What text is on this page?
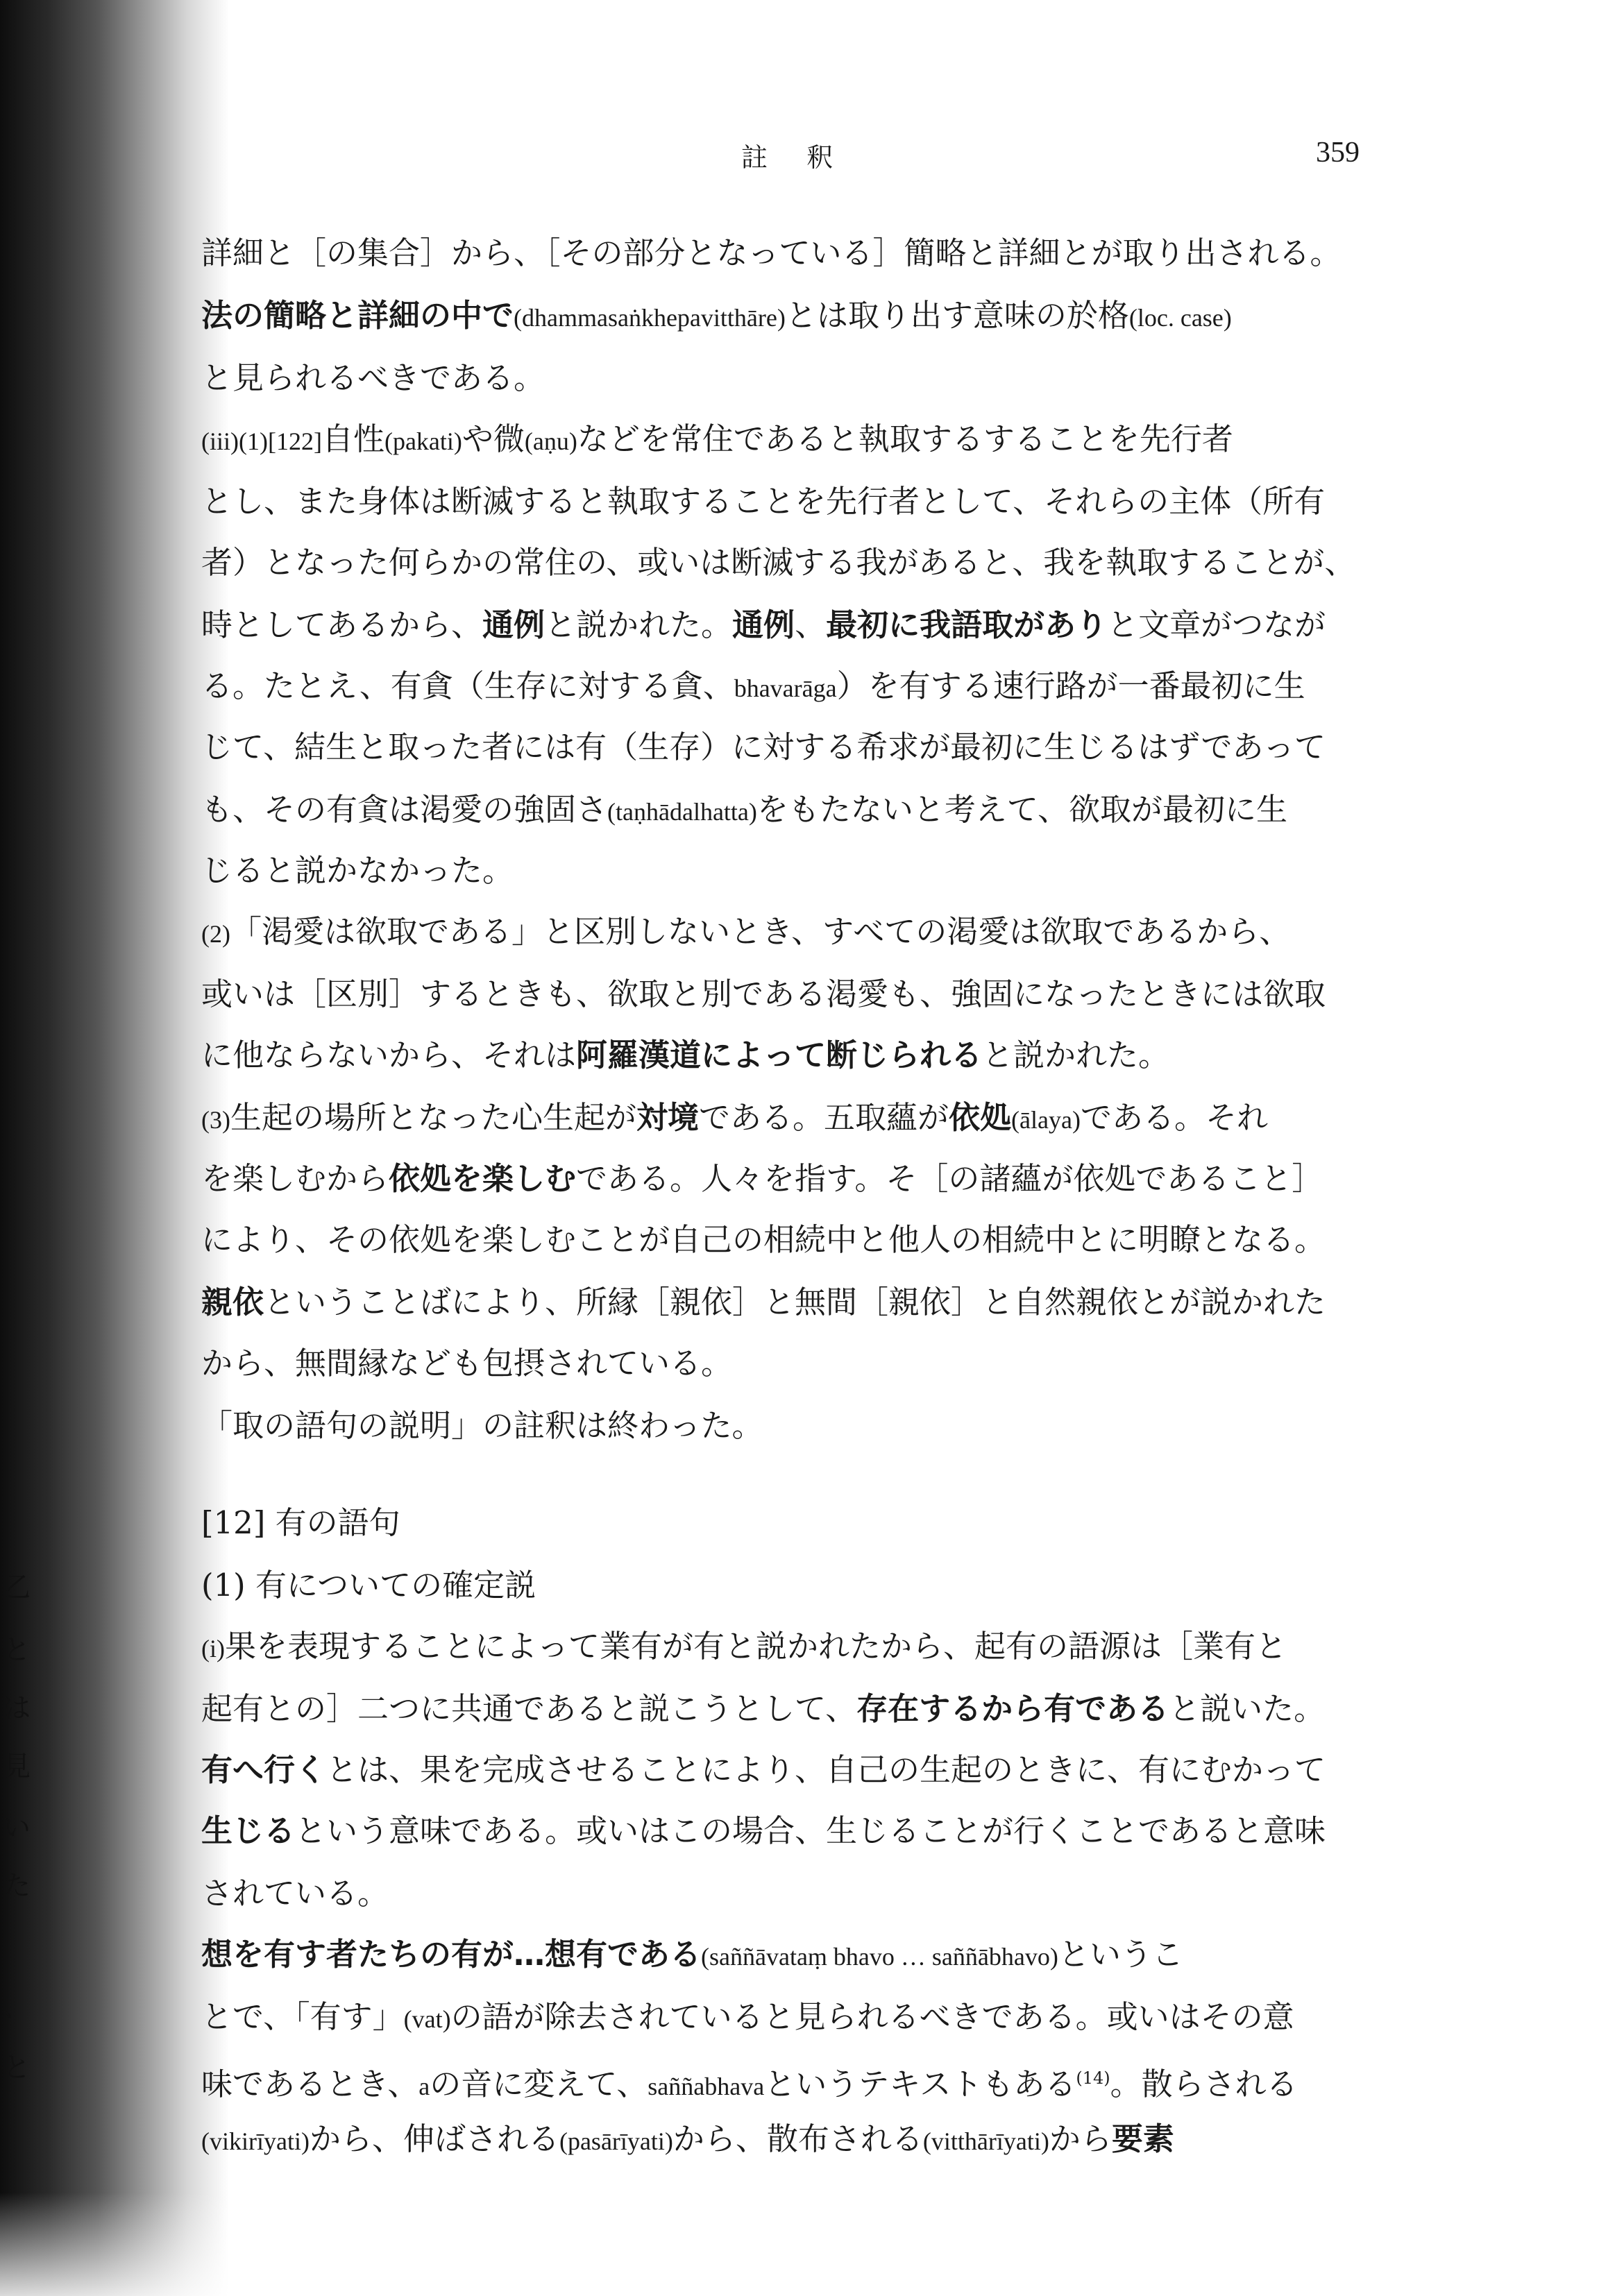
乙
と
は
見
い
た
、
と
註 釈	359
詳細と［の集合］から、［その部分となっている］簡略と詳細とが取り出される。
法の簡略と詳細の中で(dhammasaṅkhepavitthāre)とは取り出す意味の於格(loc. case)
と見られるべきである。
(iii)(1)[122]自性(pakati)や微(aṇu)などを常住であると執取するすることを先行者
とし、また身体は断滅すると執取することを先行者として、それらの主体（所有
者）となった何らかの常住の、或いは断滅する我があると、我を執取することが、
時としてあるから、通例と説かれた。通例、最初に我語取がありと文章がつなが
る。たとえ、有貪（生存に対する貪、bhavarāga）を有する速行路が一番最初に生
じて、結生と取った者には有（生存）に対する希求が最初に生じるはずであって
も、その有貪は渇愛の強固さ(taṇhādalhatta)をもたないと考えて、欲取が最初に生
じると説かなかった。
(2)「渇愛は欲取である」と区別しないとき、すべての渇愛は欲取であるから、
或いは［区別］するときも、欲取と別である渇愛も、強固になったときには欲取
に他ならないから、それは阿羅漢道によって断じられると説かれた。
(3)生起の場所となった心生起が対境である。五取蘊が依処(ālaya)である。それ
を楽しむから依処を楽しむである。人々を指す。そ［の諸蘊が依処であること］
により、その依処を楽しむことが自己の相続中と他人の相続中とに明瞭となる。
親依ということばにより、所縁［親依］と無間［親依］と自然親依とが説かれた
から、無間縁なども包摂されている。
「取の語句の説明」の註釈は終わった。
[12] 有の語句
(1) 有についての確定説
(i)果を表現することによって業有が有と説かれたから、起有の語源は［業有と
起有との］二つに共通であると説こうとして、存在するから有であると説いた。
有へ行くとは、果を完成させることにより、自己の生起のときに、有にむかって
生じるという意味である。或いはこの場合、生じることが行くことであると意味
されている。
想を有す者たちの有が…想有である(saññāvataṃ bhavo … saññābhavo)というこ
とで、「有す」(vat)の語が除去されていると見られるべきである。或いはその意
味であるとき、aの音に変えて、saññabhavaというテキストもある$^{(14)}$。散らされる
(vikirīyati)から、伸ばされる(pasārīyati)から、散布される(vitthārīyati)から要素
